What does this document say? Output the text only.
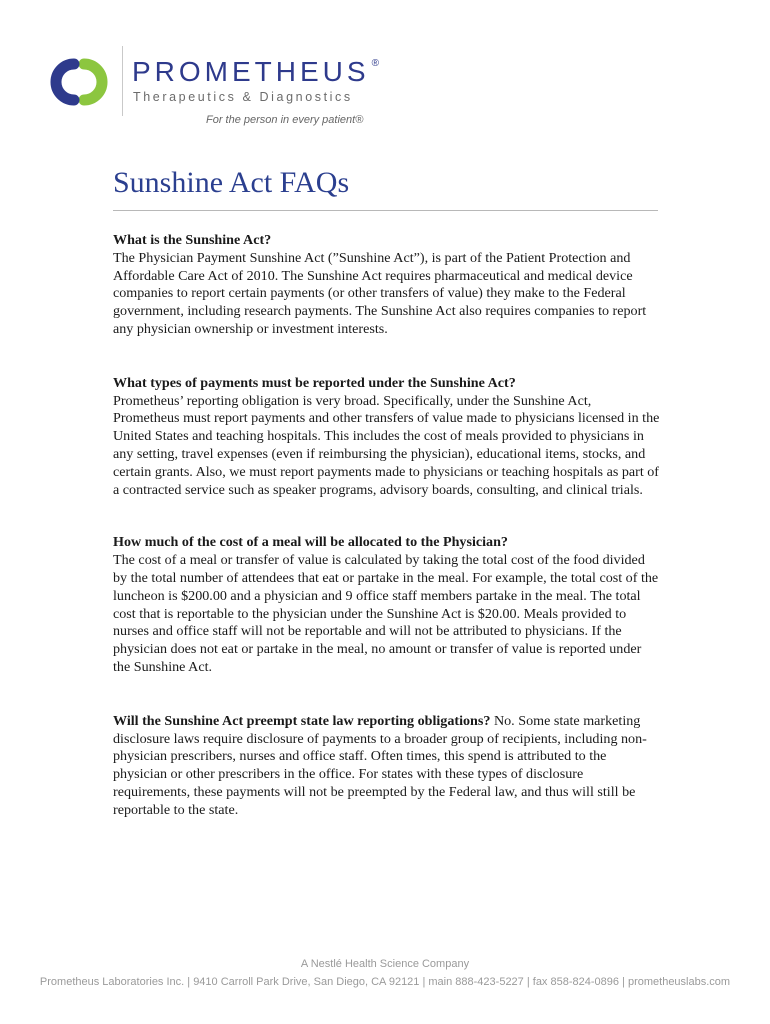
PROMETHEUS ®
Therapeutics & Diagnostics
For the person in every patient®
Sunshine Act FAQs

What is the Sunshine Act?
The Physician Payment Sunshine Act (”Sunshine Act”), is part of the Patient Protection and Affordable Care Act of 2010. The Sunshine Act requires pharmaceutical and medical device companies to report certain payments (or other transfers of value) they make to the Federal government, including research payments. The Sunshine Act also requires companies to report any physician ownership or investment interests.

What types of payments must be reported under the Sunshine Act?
Prometheus’ reporting obligation is very broad. Specifically, under the Sunshine Act, Prometheus must report payments and other transfers of value made to physicians licensed in the United States and teaching hospitals. This includes the cost of meals provided to physicians in any setting, travel expenses (even if reimbursing the physician), educational items, stocks, and certain grants. Also, we must report payments made to physicians or teaching hospitals as part of a contracted service such as speaker programs, advisory boards, consulting, and clinical trials.

How much of the cost of a meal will be allocated to the Physician?
The cost of a meal or transfer of value is calculated by taking the total cost of the food divided by the total number of attendees that eat or partake in the meal. For example, the total cost of the luncheon is $200.00 and a physician and 9 office staff members partake in the meal. The total cost that is reportable to the physician under the Sunshine Act is $20.00. Meals provided to nurses and office staff will not be reportable and will not be attributed to physicians. If the physician does not eat or partake in the meal, no amount or transfer of value is reported under the Sunshine Act.

Will the Sunshine Act preempt state law reporting obligations? No. Some state marketing disclosure laws require disclosure of payments to a broader group of recipients, including non-physician prescribers, nurses and office staff. Often times, this spend is attributed to the physician or other prescribers in the office. For states with these types of disclosure requirements, these payments will not be preempted by the Federal law, and thus will still be reportable to the state.

A Nestlé Health Science Company
Prometheus Laboratories Inc. | 9410 Carroll Park Drive, San Diego, CA 92121 | main 888-423-5227 | fax 858-824-0896 | prometheuslabs.com
